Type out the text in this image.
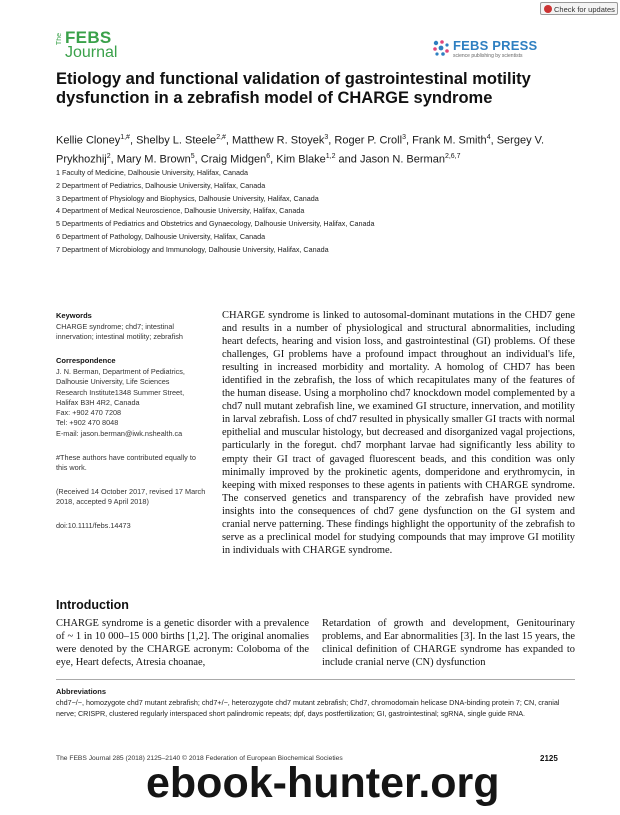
Check for updates
The FEBS
Journal	FEBS PRESS
science publishing by scientists
Etiology and functional validation of gastrointestinal motility dysfunction in a zebrafish model of CHARGE syndrome
Kellie Cloney$^{1,\#}$, Shelby L. Steele$^{2,\#}$, Matthew R. Stoyek$^3$, Roger P. Croll$^3$, Frank M. Smith$^4$, Sergey V. Prykhozhij$^2$, Mary M. Brown$^5$, Craig Midgen$^6$, Kim Blake$^{1,2}$ and Jason N. Berman$^{2,6,7}$
1 Faculty of Medicine, Dalhousie University, Halifax, Canada
2 Department of Pediatrics, Dalhousie University, Halifax, Canada
3 Department of Physiology and Biophysics, Dalhousie University, Halifax, Canada
4 Department of Medical Neuroscience, Dalhousie University, Halifax, Canada
5 Departments of Pediatrics and Obstetrics and Gynaecology, Dalhousie University, Halifax, Canada
6 Department of Pathology, Dalhousie University, Halifax, Canada
7 Department of Microbiology and Immunology, Dalhousie University, Halifax, Canada
Keywords
CHARGE syndrome; chd7; intestinal innervation; intestinal motility; zebrafish
Correspondence
J. N. Berman, Department of Pediatrics,
Dalhousie University, Life Sciences
Research Institute1348 Summer Street,
Halifax B3H 4R2, Canada
Fax: +902 470 7208
Tel: +902 470 8048
E-mail: jason.berman@iwk.nshealth.ca
#These authors have contributed equally to this work.
(Received 14 October 2017, revised 17 March 2018, accepted 9 April 2018)
doi:10.1111/febs.14473
CHARGE syndrome is linked to autosomal-dominant mutations in the CHD7 gene and results in a number of physiological and structural abnormalities, including heart defects, hearing and vision loss, and gastrointestinal (GI) problems. Of these challenges, GI problems have a profound impact throughout an individual's life, resulting in increased morbidity and mortality. A homolog of CHD7 has been identified in the zebrafish, the loss of which recapitulates many of the features of the human disease. Using a morpholino chd7 knockdown model complemented by a chd7 null mutant zebrafish line, we examined GI structure, innervation, and motility in larval zebrafish. Loss of chd7 resulted in physically smaller GI tracts with normal epithelial and muscular histology, but decreased and disorganized vagal projections, particularly in the foregut. chd7 morphant larvae had significantly less ability to empty their GI tract of gavaged fluorescent beads, and this condition was only minimally improved by the prokinetic agents, domperidone and erythromycin, in keeping with mixed responses to these agents in patients with CHARGE syndrome. The conserved genetics and transparency of the zebrafish have provided new insights into the consequences of chd7 gene dysfunction on the GI system and cranial nerve patterning. These findings highlight the opportunity of the zebrafish to serve as a preclinical model for studying compounds that may improve GI motility in individuals with CHARGE syndrome.
Introduction
CHARGE syndrome is a genetic disorder with a prevalence of ~ 1 in 10 000–15 000 births [1,2]. The original anomalies were denoted by the CHARGE acronym: Coloboma of the eye, Heart defects, Atresia choanae,
Retardation of growth and development, Genitourinary problems, and Ear abnormalities [3]. In the last 15 years, the clinical definition of CHARGE syndrome has expanded to include cranial nerve (CN) dysfunction
Abbreviations
chd7−/−, homozygote chd7 mutant zebrafish; chd7+/−, heterozygote chd7 mutant zebrafish; Chd7, chromodomain helicase DNA-binding protein 7; CN, cranial nerve; CRISPR, clustered regularly interspaced short palindromic repeats; dpf, days postfertilization; GI, gastrointestinal; sgRNA, single guide RNA.
The FEBS Journal 285 (2018) 2125–2140 © 2018 Federation of European Biochemical Societies	2125
ebook-hunter.org
